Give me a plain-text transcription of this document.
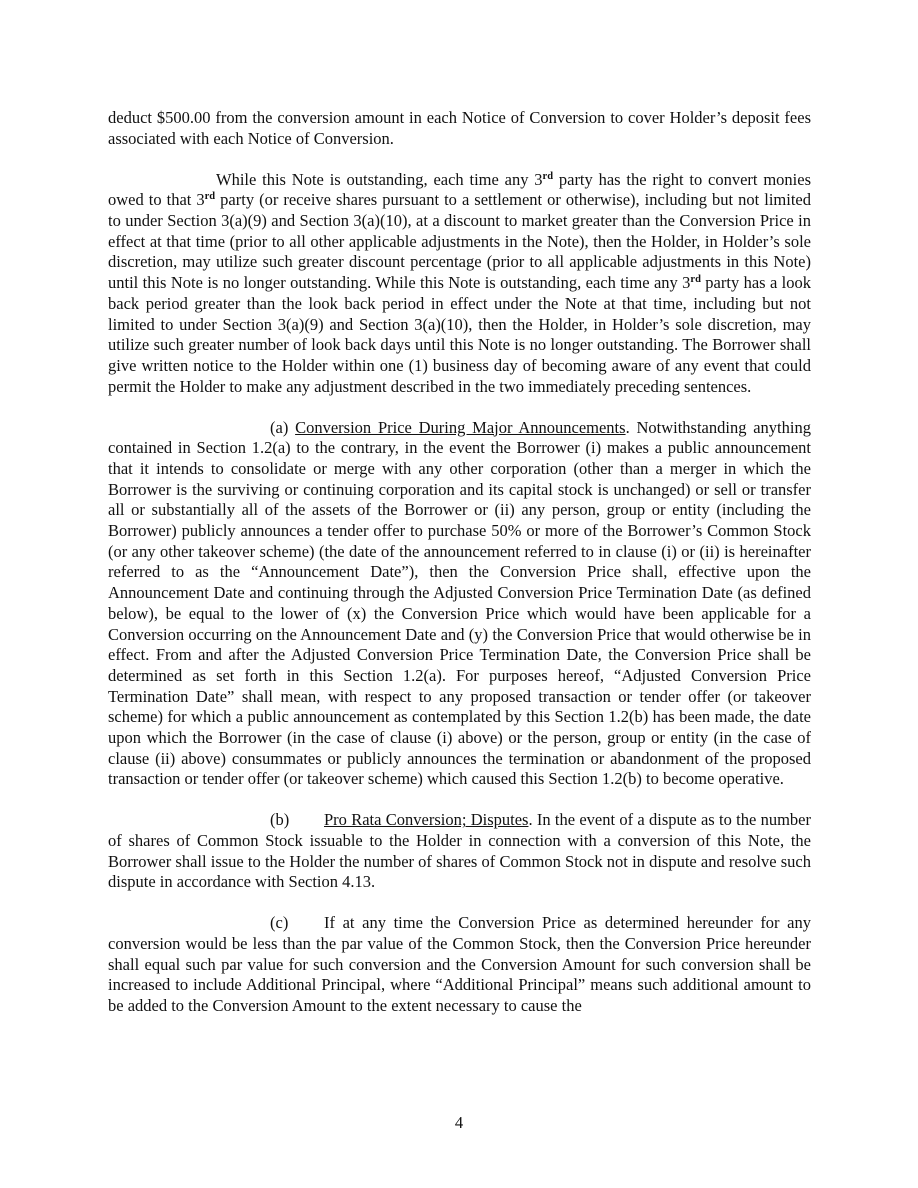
deduct $500.00 from the conversion amount in each Notice of Conversion to cover Holder’s deposit fees associated with each Notice of Conversion.

While this Note is outstanding, each time any 3rd party has the right to convert monies owed to that 3rd party (or receive shares pursuant to a settlement or otherwise), including but not limited to under Section 3(a)(9) and Section 3(a)(10), at a discount to market greater than the Conversion Price in effect at that time (prior to all other applicable adjustments in the Note), then the Holder, in Holder’s sole discretion, may utilize such greater discount percentage (prior to all applicable adjustments in this Note) until this Note is no longer outstanding. While this Note is outstanding, each time any 3rd party has a look back period greater than the look back period in effect under the Note at that time, including but not limited to under Section 3(a)(9) and Section 3(a)(10), then the Holder, in Holder’s sole discretion, may utilize such greater number of look back days until this Note is no longer outstanding. The Borrower shall give written notice to the Holder within one (1) business day of becoming aware of any event that could permit the Holder to make any adjustment described in the two immediately preceding sentences.

(a) Conversion Price During Major Announcements. Notwithstanding anything contained in Section 1.2(a) to the contrary, in the event the Borrower (i) makes a public announcement that it intends to consolidate or merge with any other corporation (other than a merger in which the Borrower is the surviving or continuing corporation and its capital stock is unchanged) or sell or transfer all or substantially all of the assets of the Borrower or (ii) any person, group or entity (including the Borrower) publicly announces a tender offer to purchase 50% or more of the Borrower’s Common Stock (or any other takeover scheme) (the date of the announcement referred to in clause (i) or (ii) is hereinafter referred to as the “Announcement Date”), then the Conversion Price shall, effective upon the Announcement Date and continuing through the Adjusted Conversion Price Termination Date (as defined below), be equal to the lower of (x) the Conversion Price which would have been applicable for a Conversion occurring on the Announcement Date and (y) the Conversion Price that would otherwise be in effect. From and after the Adjusted Conversion Price Termination Date, the Conversion Price shall be determined as set forth in this Section 1.2(a). For purposes hereof, “Adjusted Conversion Price Termination Date” shall mean, with respect to any proposed transaction or tender offer (or takeover scheme) for which a public announcement as contemplated by this Section 1.2(b) has been made, the date upon which the Borrower (in the case of clause (i) above) or the person, group or entity (in the case of clause (ii) above) consummates or publicly announces the termination or abandonment of the proposed transaction or tender offer (or takeover scheme) which caused this Section 1.2(b) to become operative.

(b) Pro Rata Conversion; Disputes. In the event of a dispute as to the number of shares of Common Stock issuable to the Holder in connection with a conversion of this Note, the Borrower shall issue to the Holder the number of shares of Common Stock not in dispute and resolve such dispute in accordance with Section 4.13.

(c) If at any time the Conversion Price as determined hereunder for any conversion would be less than the par value of the Common Stock, then the Conversion Price hereunder shall equal such par value for such conversion and the Conversion Amount for such conversion shall be increased to include Additional Principal, where “Additional Principal” means such additional amount to be added to the Conversion Amount to the extent necessary to cause the

4
